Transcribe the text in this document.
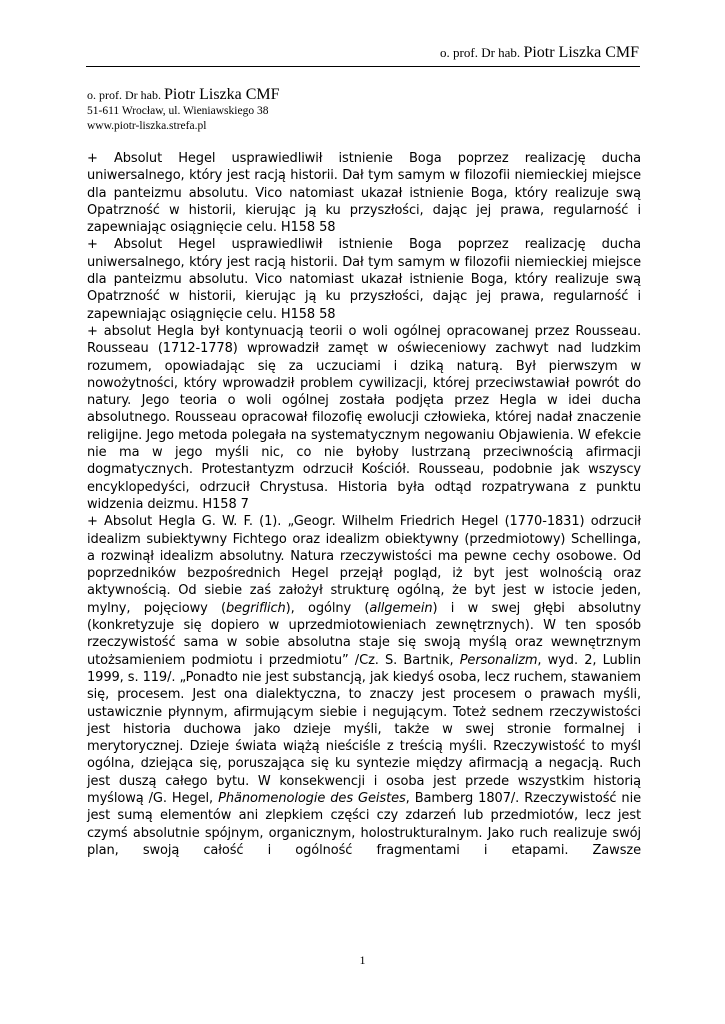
o. prof. Dr hab. Piotr Liszka CMF
o. prof. Dr hab. Piotr Liszka CMF
51-611 Wrocław, ul. Wieniawskiego 38
www.piotr-liszka.strefa.pl

+ Absolut Hegel usprawiedliwił istnienie Boga poprzez realizację ducha uniwersalnego, który jest racją historii. Dał tym samym w filozofii niemieckiej miejsce dla panteizmu absolutu. Vico natomiast ukazał istnienie Boga, który realizuje swą Opatrzność w historii, kierując ją ku przyszłości, dając jej prawa, regularność i zapewniając osiągnięcie celu. H158 58

+ Absolut Hegel usprawiedliwił istnienie Boga poprzez realizację ducha uniwersalnego, który jest racją historii. Dał tym samym w filozofii niemieckiej miejsce dla panteizmu absolutu. Vico natomiast ukazał istnienie Boga, który realizuje swą Opatrzność w historii, kierując ją ku przyszłości, dając jej prawa, regularność i zapewniając osiągnięcie celu. H158 58

+ absolut Hegla był kontynuacją teorii o woli ogólnej opracowanej przez Rousseau. Rousseau (1712-1778) wprowadził zamęt w oświeceniowy zachwyt nad ludzkim rozumem, opowiadając się za uczuciami i dziką naturą. Był pierwszym w nowożytności, który wprowadził problem cywilizacji, której przeciwstawiał powrót do natury. Jego teoria o woli ogólnej została podjęta przez Hegla w idei ducha absolutnego. Rousseau opracował filozofię ewolucji człowieka, której nadał znaczenie religijne. Jego metoda polegała na systematycznym negowaniu Objawienia. W efekcie nie ma w jego myśli nic, co nie byłoby lustrzaną przeciwnością afirmacji dogmatycznych. Protestantyzm odrzucił Kościół. Rousseau, podobnie jak wszyscy encyklopedyści, odrzucił Chrystusa. Historia była odtąd rozpatrywana z punktu widzenia deizmu. H158 7

+ Absolut Hegla G. W. F. (1). „Geogr. Wilhelm Friedrich Hegel (1770-1831) odrzucił idealizm subiektywny Fichtego oraz idealizm obiektywny (przedmiotowy) Schellinga, a rozwinął idealizm absolutny. Natura rzeczywistości ma pewne cechy osobowe. Od poprzedników bezpośrednich Hegel przejął pogląd, iż byt jest wolnością oraz aktywnością. Od siebie zaś założył strukturę ogólną, że byt jest w istocie jeden, mylny, pojęciowy (begriflich), ogólny (allgemein) i w swej głębi absolutny (konkretyzuje się dopiero w uprzedmiotowieniach zewnętrznych). W ten sposób rzeczywistość sama w sobie absolutna staje się swoją myślą oraz wewnętrznym utożsamieniem podmiotu i przedmiotu” /Cz. S. Bartnik, Personalizm, wyd. 2, Lublin 1999, s. 119/. „Ponadto nie jest substancją, jak kiedyś osoba, lecz ruchem, stawaniem się, procesem. Jest ona dialektyczna, to znaczy jest procesem o prawach myśli, ustawicznie płynnym, afirmującym siebie i negującym. Toteż sednem rzeczywistości jest historia duchowa jako dzieje myśli, także w swej stronie formalnej i merytorycznej. Dzieje świata wiążą nieściśle z treścią myśli. Rzeczywistość to myśl ogólna, dziejąca się, poruszająca się ku syntezie między afirmacją a negacją. Ruch jest duszą całego bytu. W konsekwencji i osoba jest przede wszystkim historią myślową /G. Hegel, Phänomenologie des Geistes, Bamberg 1807/. Rzeczywistość nie jest sumą elementów ani zlepkiem części czy zdarzeń lub przedmiotów, lecz jest czymś absolutnie spójnym, organicznym, holostrukturalnym. Jako ruch realizuje swój plan, swoją całość i ogólność fragmentami i etapami. Zawsze

1
